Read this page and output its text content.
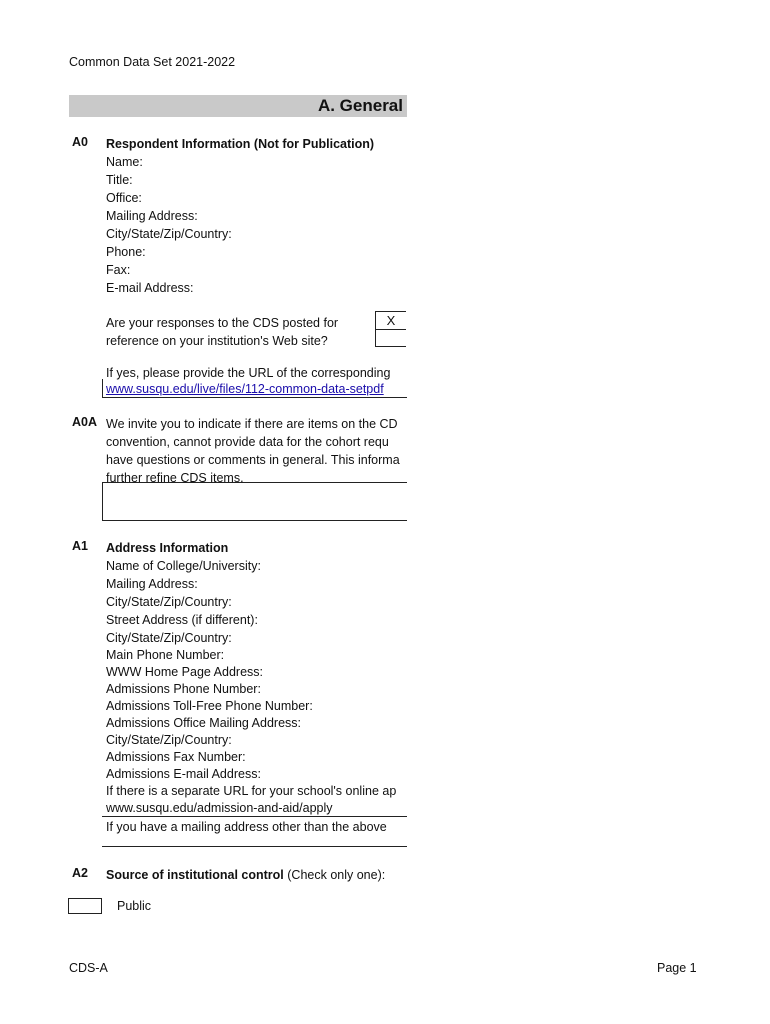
Common Data Set 2021-2022
A. General
A0 Respondent Information (Not for Publication)
Name:
Title:
Office:
Mailing Address:
City/State/Zip/Country:
Phone:
Fax:
E-mail Address:
Are your responses to the CDS posted for
reference on your institution's Web site?
X
If yes, please provide the URL of the corresponding
www.susqu.edu/live/files/112-common-data-setpdf
A0A We invite you to indicate if there are items on the CD
convention, cannot provide data for the cohort requ
have questions or comments in general. This informa
further refine CDS items.
A1 Address Information
Name of College/University:
Mailing Address:
City/State/Zip/Country:
Street Address (if different):
City/State/Zip/Country:
Main Phone Number:
WWW Home Page Address:
Admissions Phone Number:
Admissions Toll-Free Phone Number:
Admissions Office Mailing Address:
City/State/Zip/Country:
Admissions Fax Number:
Admissions E-mail Address:
If there is a separate URL for your school's online ap
www.susqu.edu/admission-and-aid/apply
If you have a mailing address other than the above
A2 Source of institutional control (Check only one):
Public
CDS-A	Page 1
